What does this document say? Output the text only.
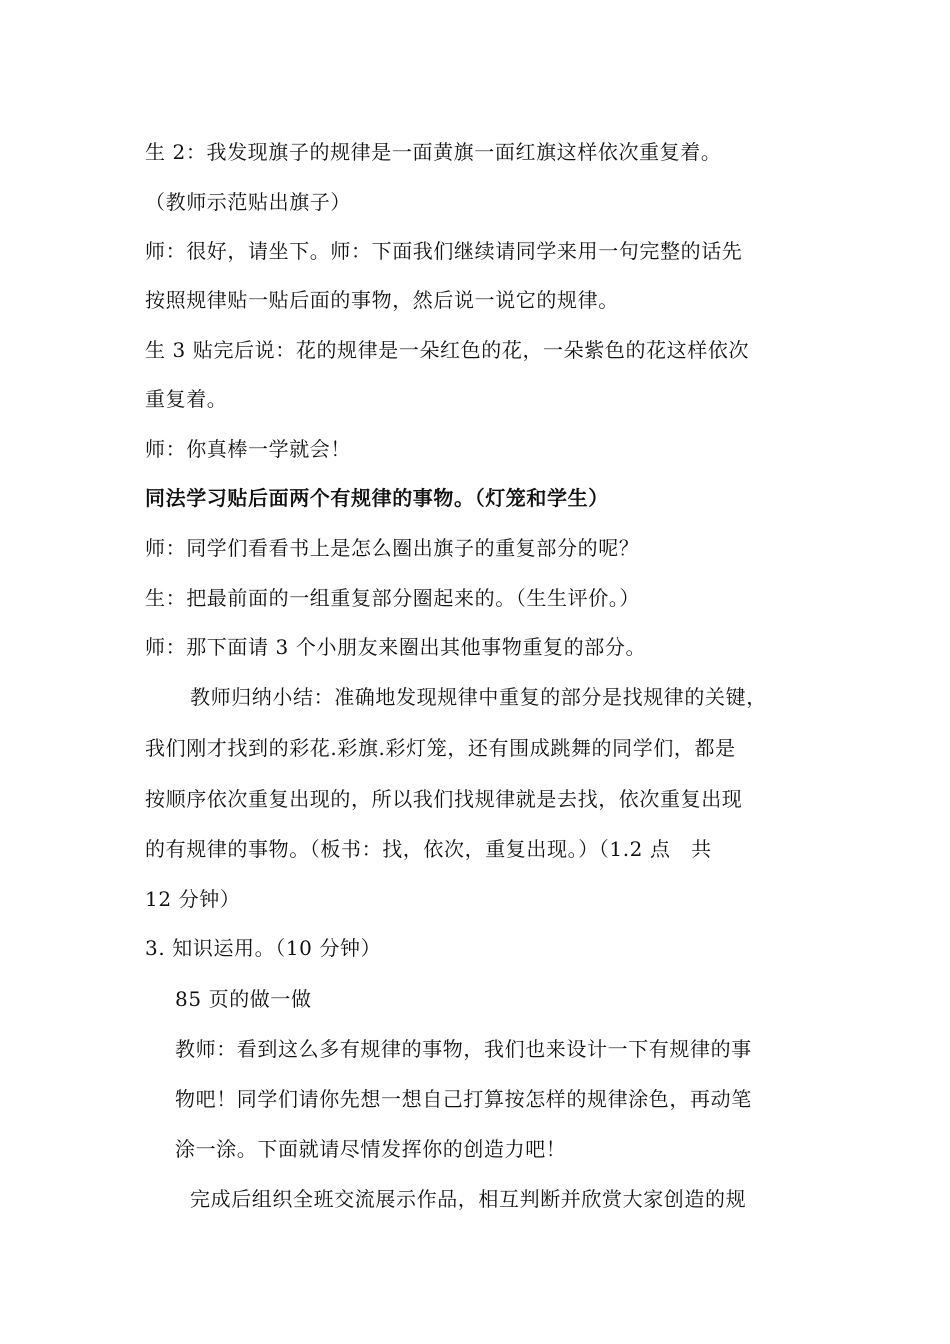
生 2：我发现旗子的规律是一面黄旗一面红旗这样依次重复着。
（教师示范贴出旗子）
师：很好，请坐下。师：下面我们继续请同学来用一句完整的话先
按照规律贴一贴后面的事物，然后说一说它的规律。
生 3 贴完后说：花的规律是一朵红色的花，一朵紫色的花这样依次
重复着。
师：你真棒一学就会！
同法学习贴后面两个有规律的事物。（灯笼和学生）
师：同学们看看书上是怎么圈出旗子的重复部分的呢？
生：把最前面的一组重复部分圈起来的。（生生评价。）
师：那下面请 3 个小朋友来圈出其他事物重复的部分。
教师归纳小结：准确地发现规律中重复的部分是找规律的关键，
我们刚才找到的彩花.彩旗.彩灯笼，还有围成跳舞的同学们，都是
按顺序依次重复出现的，所以我们找规律就是去找，依次重复出现
的有规律的事物。（板书：找，依次，重复出现。）（1.2 点　共
12 分钟）
3. 知识运用。（10 分钟）
85 页的做一做
教师：看到这么多有规律的事物，我们也来设计一下有规律的事
物吧！同学们请你先想一想自己打算按怎样的规律涂色，再动笔
涂一涂。下面就请尽情发挥你的创造力吧！
完成后组织全班交流展示作品，相互判断并欣赏大家创造的规
